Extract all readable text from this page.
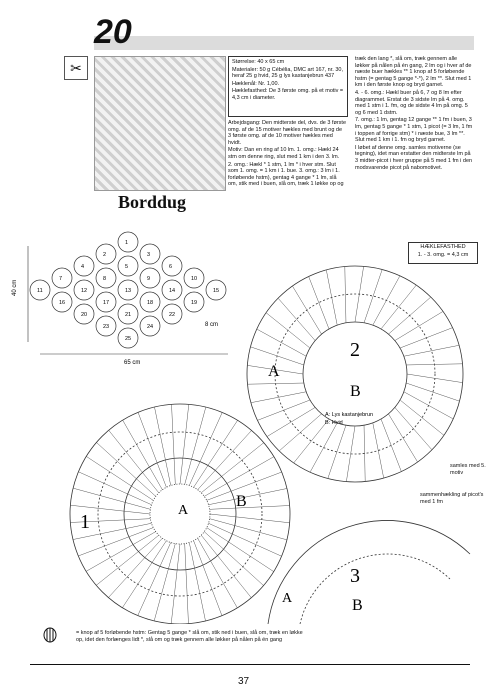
20
✂
Borddug
Størrelse: 40 x 65 cm
Materialer: 50 g Cébélia, DMC art 167, nr. 30, heraf 25 g hvid, 25 g lys kastanjebrun 437
Hæklenål: Nr. 1,00.
Hæklefasthed: De 3 første omg. på et motiv = 4,3 cm i diameter.
Arbejdsgang: Den midterste del, dvs. de 3 første omg. af de 15 motiver hækles med brunt og de 3 første omg. af de 10 motiver hækles med hvidt.
Motiv: Dan en ring af 10 lm. 1. omg.: Hækl 24 stm om denne ring, slut med 1 km i den 3. lm.
2. omg.: Hækl * 1 stm, 1 lm * i hver stm. Slut som 1. omg. = 1 km i 1. bue. 3. omg.: 3 lm i 1. forløbende hstm), gentag 4 gange * 1 lm, slå om, stik med i buen, slå om, træk 1 løkke op og
træk den lang *, slå om, træk gennem alle løkker på nålen på én gang, 2 lm og i hver af de næste buer hækles ** 1 knop af 5 forløbende hstm (= gentag 5 gange *-*), 2 lm **. Slut med 1 km i den første knop og bryd garnet.
4. - 6. omg.: Hækl buer på 6, 7 og 8 lm efter diagrammet. Erstat de 3 sidste lm på 4. omg. med 1 stm i 1. fm, og de sidste 4 lm på omg. 5 og 6 med 1 dstm.
7. omg.: 1 lm, gentag 12 gange ** 1 fm i buen, 3 lm, gentag 5 gange * 1 stm, 1 picot (= 3 lm, 1 fm i toppen af forrige stm) * i næste bue, 3 lm **. Slut med 1 km i 1. fm og bryd garnet.
I løbet af denne omg. samles motiverne (se tegning), idet man erstatter den midterste lm på 3 midter-picot i hver gruppe på 5 med 1 fm i den modsvarende picot på nabomotivet.
HÆKLEFASTHED
1. - 3. omg. = 4,3 cm
1
2	3
4	5	6
7	8	9	10
11	12	13	14	15
16	17	18	19
20	21	22
23	24
25
40 cm
65 cm
8 cm
2
B
A
1
A
B
3
B
A
A: Lys kastanjebrun
B: Hvid
samles med 5. motiv
sammenhækling af picot's med 1 fm
= knop af 5 forløbende hstm: Gentag 5 gange * slå om, stik ned i buen, slå om, træk en løkke op, idet den forlænges lidt *, slå om og træk gennem alle løkker på nålen på én gang
37
